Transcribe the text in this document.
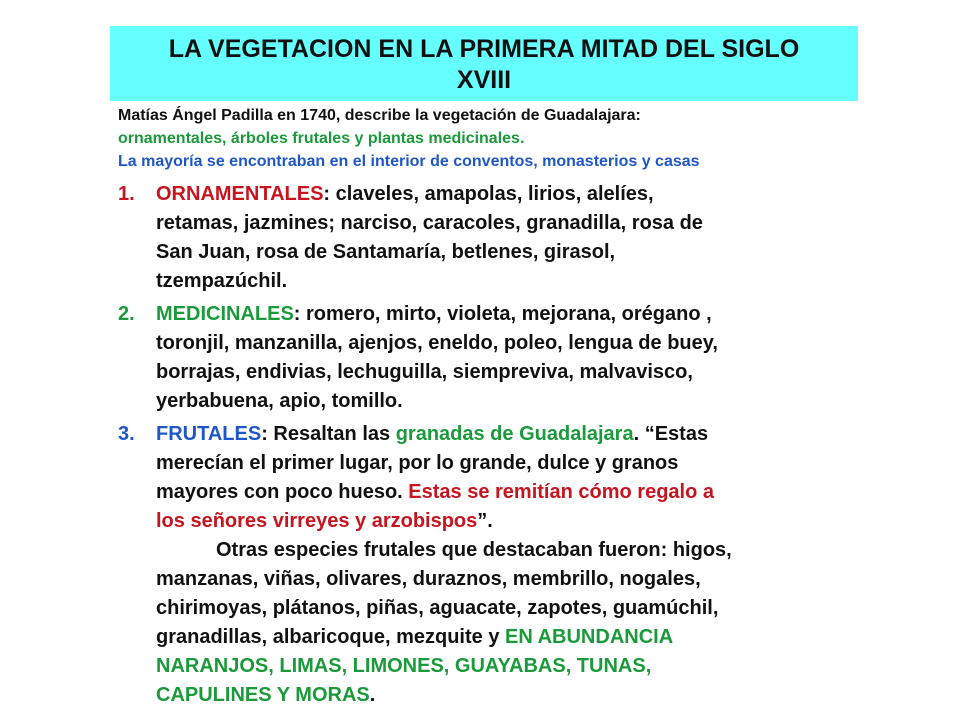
LA VEGETACION EN LA PRIMERA MITAD DEL SIGLO
XVIII
Matías Ángel Padilla en 1740, describe la vegetación de Guadalajara:
ornamentales, árboles frutales y plantas medicinales.
La mayoría se encontraban en el interior de conventos, monasterios y casas
1. ORNAMENTALES: claveles, amapolas, lirios, alelíes,
retamas, jazmines; narciso, caracoles, granadilla, rosa de
San Juan, rosa de Santamaría, betlenes, girasol,
tzempazúchil.
2. MEDICINALES: romero, mirto, violeta, mejorana, orégano ,
toronjil, manzanilla, ajenjos, eneldo, poleo, lengua de buey,
borrajas, endivias, lechuguilla, siempreviva, malvavisco,
yerbabuena, apio, tomillo.
3. FRUTALES: Resaltan las granadas de Guadalajara. “Estas
merecían el primer lugar, por lo grande, dulce y granos
mayores con poco hueso. Estas se remitían cómo regalo a
los señores virreyes y arzobispos”.
Otras especies frutales que destacaban fueron: higos,
manzanas, viñas, olivares, duraznos, membrillo, nogales,
chirimoyas, plátanos, piñas, aguacate, zapotes, guamúchil,
granadillas, albaricoque, mezquite y EN ABUNDANCIA
NARANJOS, LIMAS, LIMONES, GUAYABAS, TUNAS,
CAPULINES Y MORAS.
